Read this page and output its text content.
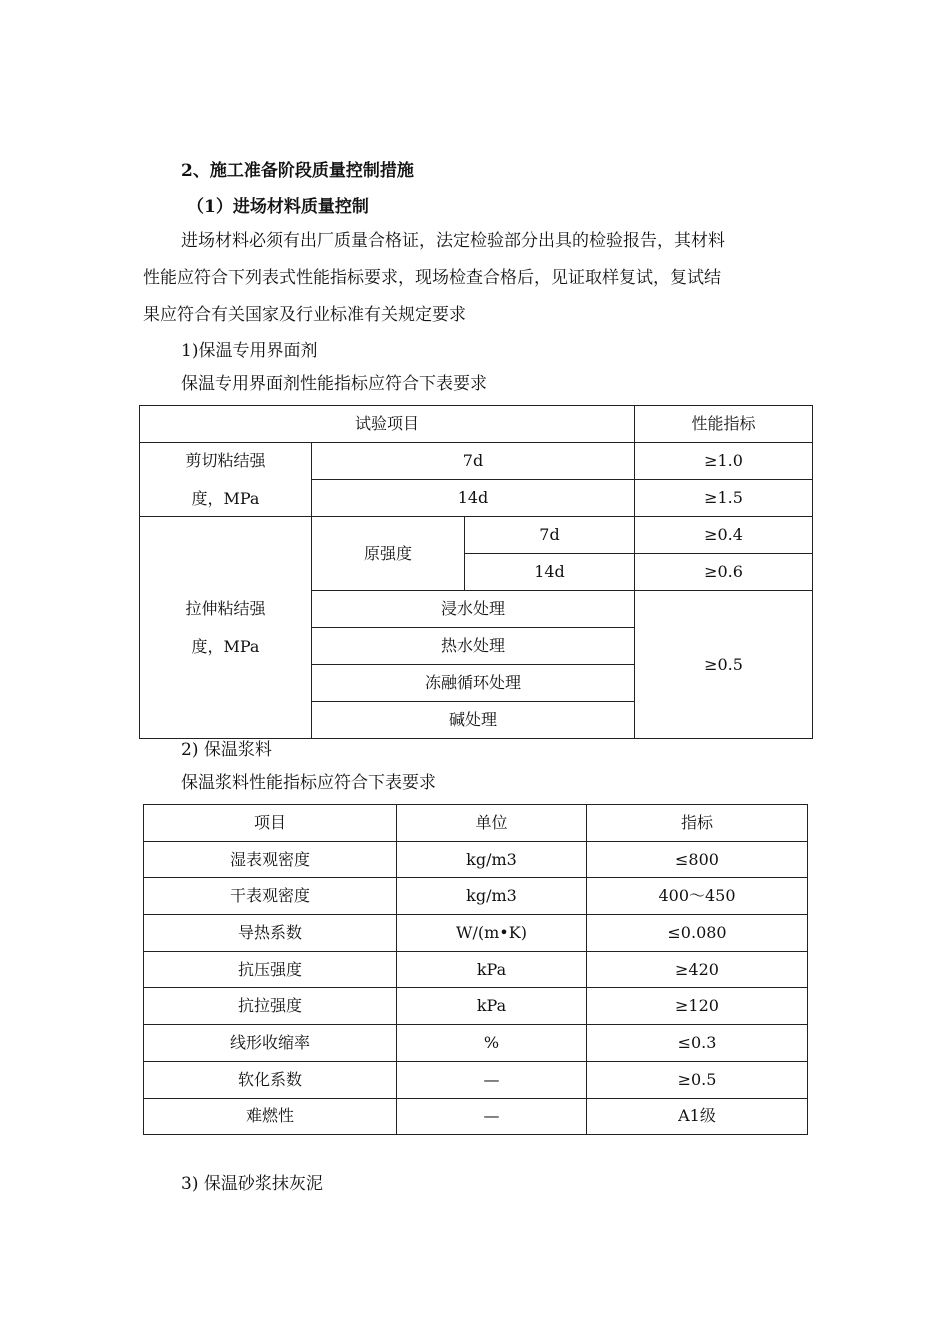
2、施工准备阶段质量控制措施
（1）进场材料质量控制
进场材料必须有出厂质量合格证，法定检验部分出具的检验报告，其材料
性能应符合下列表式性能指标要求，现场检查合格后，见证取样复试，复试结
果应符合有关国家及行业标准有关规定要求
1)保温专用界面剂
保温专用界面剂性能指标应符合下表要求
试验项目			性能指标

剪切粘结强
度，MPa	7d		≥1.0
	14d		≥1.5

拉伸粘结强
度，MPa	原强度	7d	≥0.4
		14d	≥0.6
	浸水处理		≥0.5
	热水处理		
	冻融循环处理		
	碱处理		
2) 保温浆料
保温浆料性能指标应符合下表要求
项目	单位	指标
湿表观密度	kg/m3	≤800
干表观密度	kg/m3	400～450
导热系数	W/(m•K)	≤0.080
抗压强度	kPa	≥420
抗拉强度	kPa	≥120
线形收缩率	%	≤0.3
软化系数	—	≥0.5
难燃性	—	A1级
3) 保温砂浆抹灰泥
